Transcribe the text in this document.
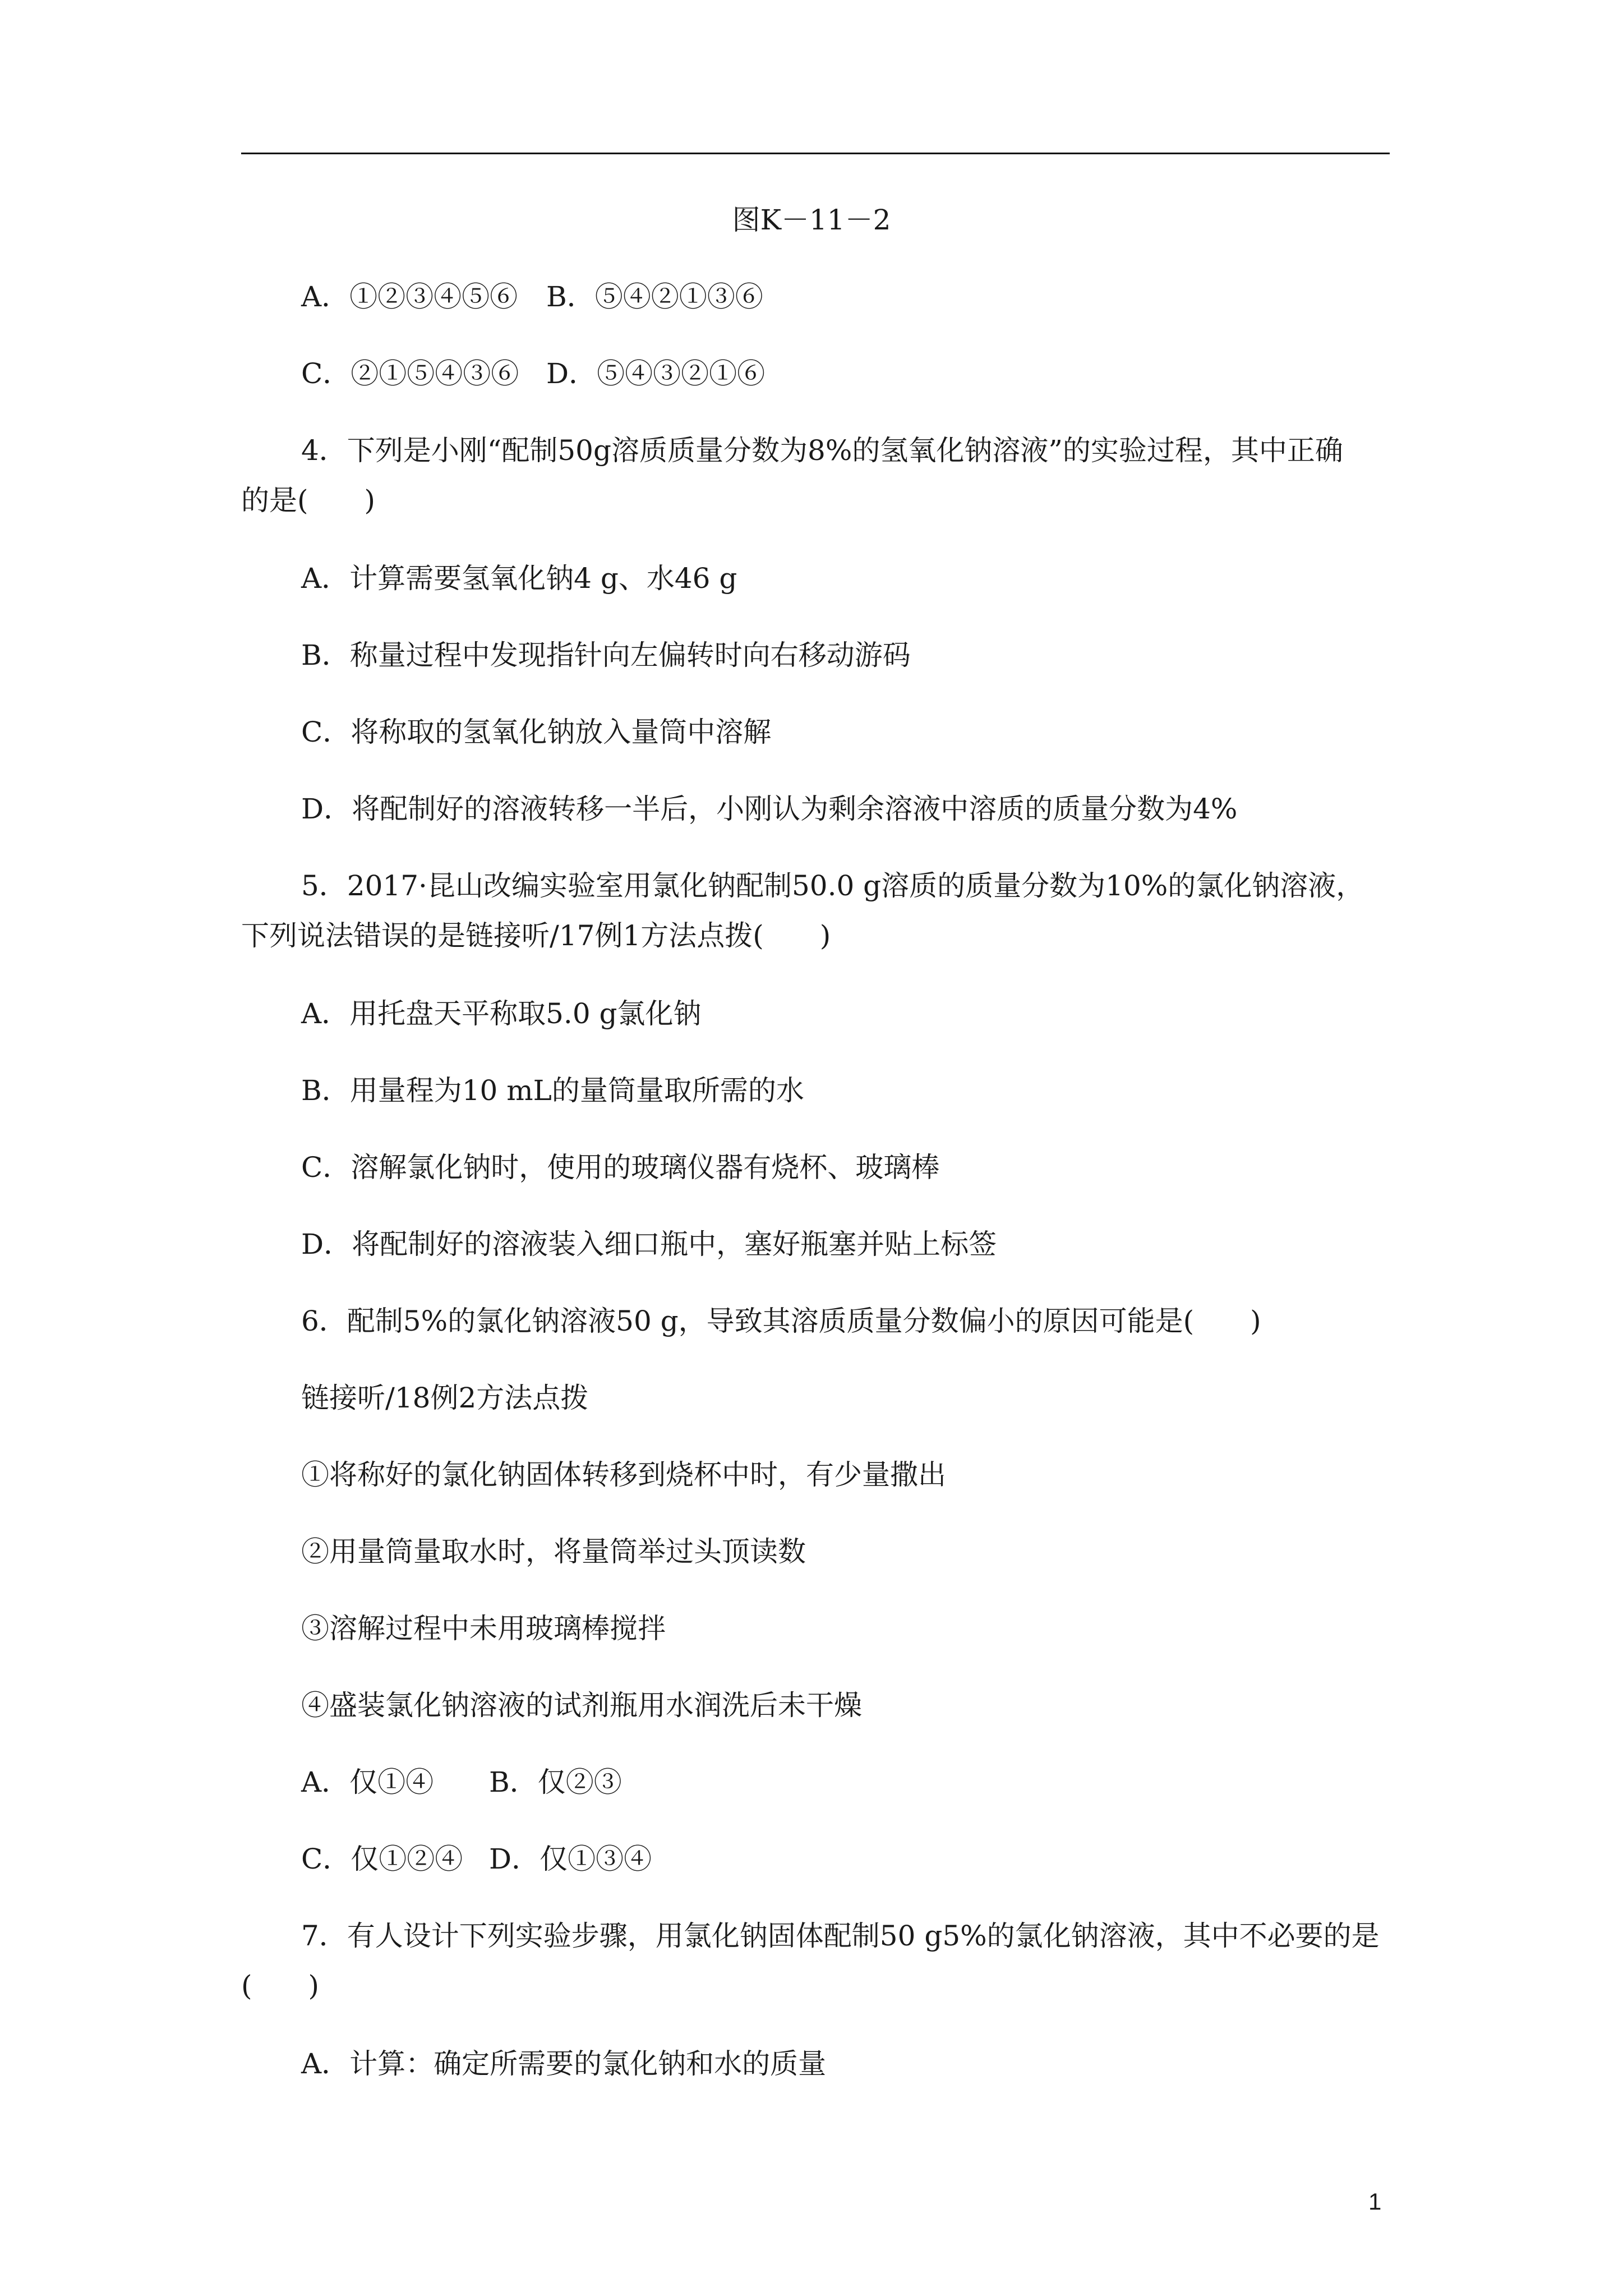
图K－11－2
A．①②③④⑤⑥ B．⑤④②①③⑥
C．②①⑤④③⑥ D．⑤④③②①⑥
4．下列是小刚“配制50g溶质质量分数为8%的氢氧化钠溶液”的实验过程，其中正确
的是(　　)
A．计算需要氢氧化钠4 g、水46 g
B．称量过程中发现指针向左偏转时向右移动游码
C．将称取的氢氧化钠放入量筒中溶解
D．将配制好的溶液转移一半后，小刚认为剩余溶液中溶质的质量分数为4%
5．2017·昆山改编实验室用氯化钠配制50.0 g溶质的质量分数为10%的氯化钠溶液，
下列说法错误的是链接听/17例1方法点拨(　　)
A．用托盘天平称取5.0 g氯化钠
B．用量程为10 mL的量筒量取所需的水
C．溶解氯化钠时，使用的玻璃仪器有烧杯、玻璃棒
D．将配制好的溶液装入细口瓶中，塞好瓶塞并贴上标签
6．配制5%的氯化钠溶液50 g，导致其溶质质量分数偏小的原因可能是(　　)
链接听/18例2方法点拨
①将称好的氯化钠固体转移到烧杯中时，有少量撒出
②用量筒量取水时，将量筒举过头顶读数
③溶解过程中未用玻璃棒搅拌
④盛装氯化钠溶液的试剂瓶用水润洗后未干燥
A．仅①④ B．仅②③
C．仅①②④ D．仅①③④
7．有人设计下列实验步骤，用氯化钠固体配制50 g5%的氯化钠溶液，其中不必要的是
(　　)
A．计算：确定所需要的氯化钠和水的质量
1
